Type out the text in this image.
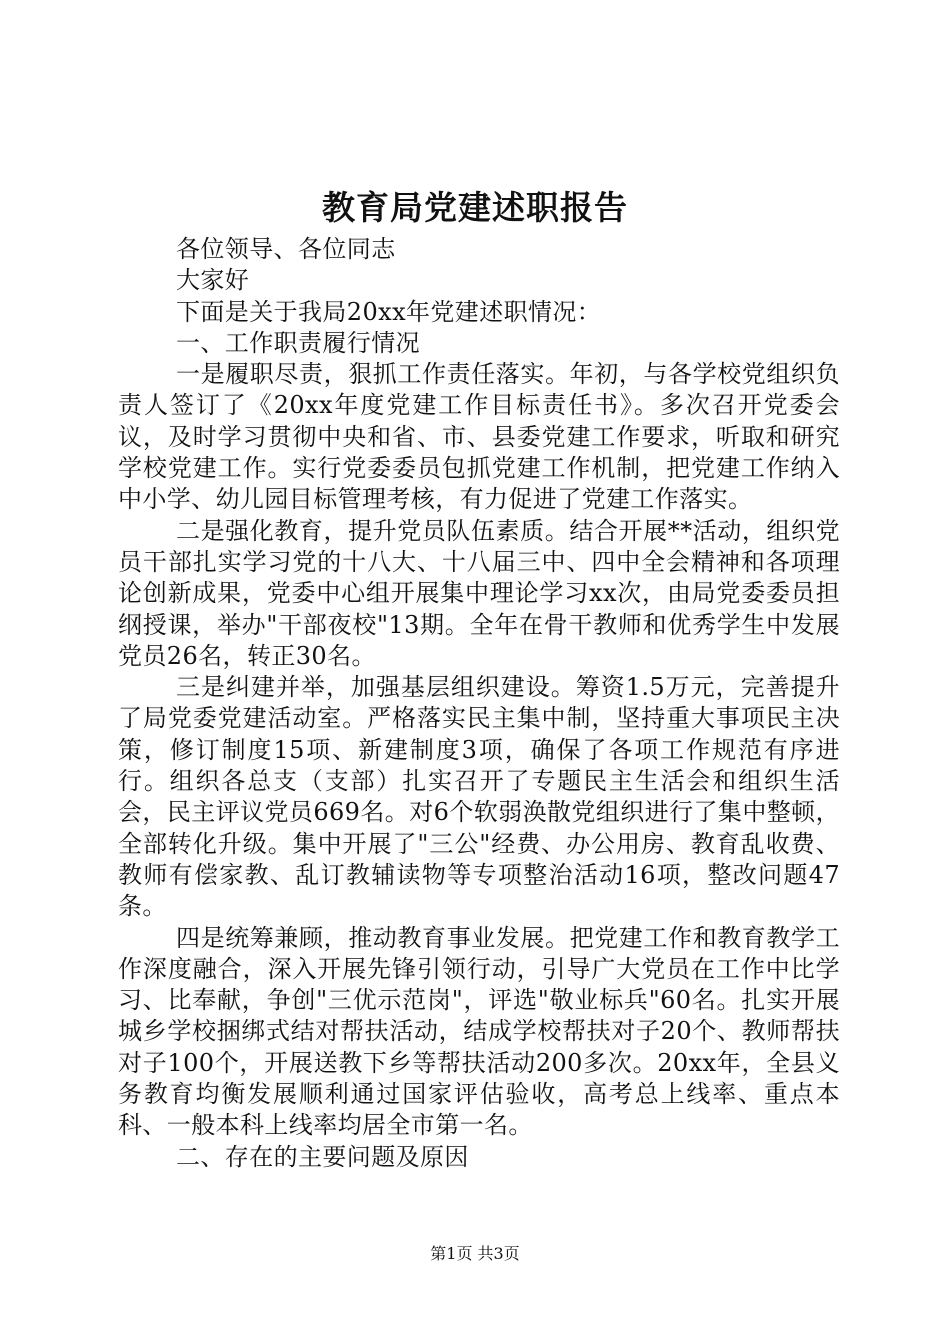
教育局党建述职报告

各位领导、各位同志

大家好

下面是关于我局20xx年党建述职情况：

一、工作职责履行情况

一是履职尽责，狠抓工作责任落实。年初，与各学校党组织负责人签订了《20xx年度党建工作目标责任书》。多次召开党委会议，及时学习贯彻中央和省、市、县委党建工作要求，听取和研究学校党建工作。实行党委委员包抓党建工作机制，把党建工作纳入中小学、幼儿园目标管理考核，有力促进了党建工作落实。

二是强化教育，提升党员队伍素质。结合开展**活动，组织党员干部扎实学习党的十八大、十八届三中、四中全会精神和各项理论创新成果，党委中心组开展集中理论学习xx次，由局党委委员担纲授课，举办"干部夜校"13期。全年在骨干教师和优秀学生中发展党员26名，转正30名。

三是纠建并举，加强基层组织建设。筹资1.5万元，完善提升了局党委党建活动室。严格落实民主集中制，坚持重大事项民主决策，修订制度15项、新建制度3项，确保了各项工作规范有序进行。组织各总支（支部）扎实召开了专题民主生活会和组织生活会，民主评议党员669名。对6个软弱涣散党组织进行了集中整顿，全部转化升级。集中开展了"三公"经费、办公用房、教育乱收费、教师有偿家教、乱订教辅读物等专项整治活动16项，整改问题47条。

四是统筹兼顾，推动教育事业发展。把党建工作和教育教学工作深度融合，深入开展先锋引领行动，引导广大党员在工作中比学习、比奉献，争创"三优示范岗"，评选"敬业标兵"60名。扎实开展城乡学校捆绑式结对帮扶活动，结成学校帮扶对子20个、教师帮扶对子100个，开展送教下乡等帮扶活动200多次。20xx年，全县义务教育均衡发展顺利通过国家评估验收，高考总上线率、重点本科、一般本科上线率均居全市第一名。

二、存在的主要问题及原因

第1页 共3页
